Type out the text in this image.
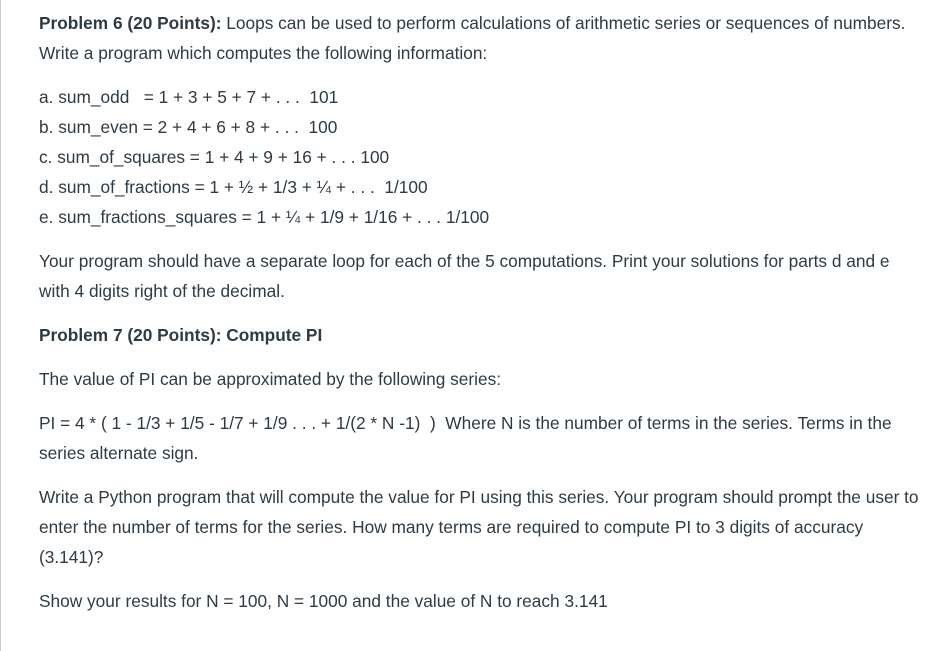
Problem 6 (20 Points): Loops can be used to perform calculations of arithmetic series or sequences of numbers. Write a program which computes the following information:

a. sum_odd   = 1 + 3 + 5 + 7 + . . .  101

b. sum_even = 2 + 4 + 6 + 8 + . . .  100

c. sum_of_squares = 1 + 4 + 9 + 16 + . . . 100

d. sum_of_fractions = 1 + ½ + 1/3 + ¼ + . . .  1/100

e. sum_fractions_squares = 1 + ¼ + 1/9 + 1/16 + . . . 1/100

Your program should have a separate loop for each of the 5 computations. Print your solutions for parts d and e with 4 digits right of the decimal.

Problem 7 (20 Points): Compute PI

The value of PI can be approximated by the following series:

PI = 4 * ( 1 - 1/3 + 1/5 - 1/7 + 1/9 . . . + 1/(2 * N -1)  )  Where N is the number of terms in the series. Terms in the series alternate sign.

Write a Python program that will compute the value for PI using this series. Your program should prompt the user to enter the number of terms for the series. How many terms are required to compute PI to 3 digits of accuracy (3.141)?

Show your results for N = 100, N = 1000 and the value of N to reach 3.141
